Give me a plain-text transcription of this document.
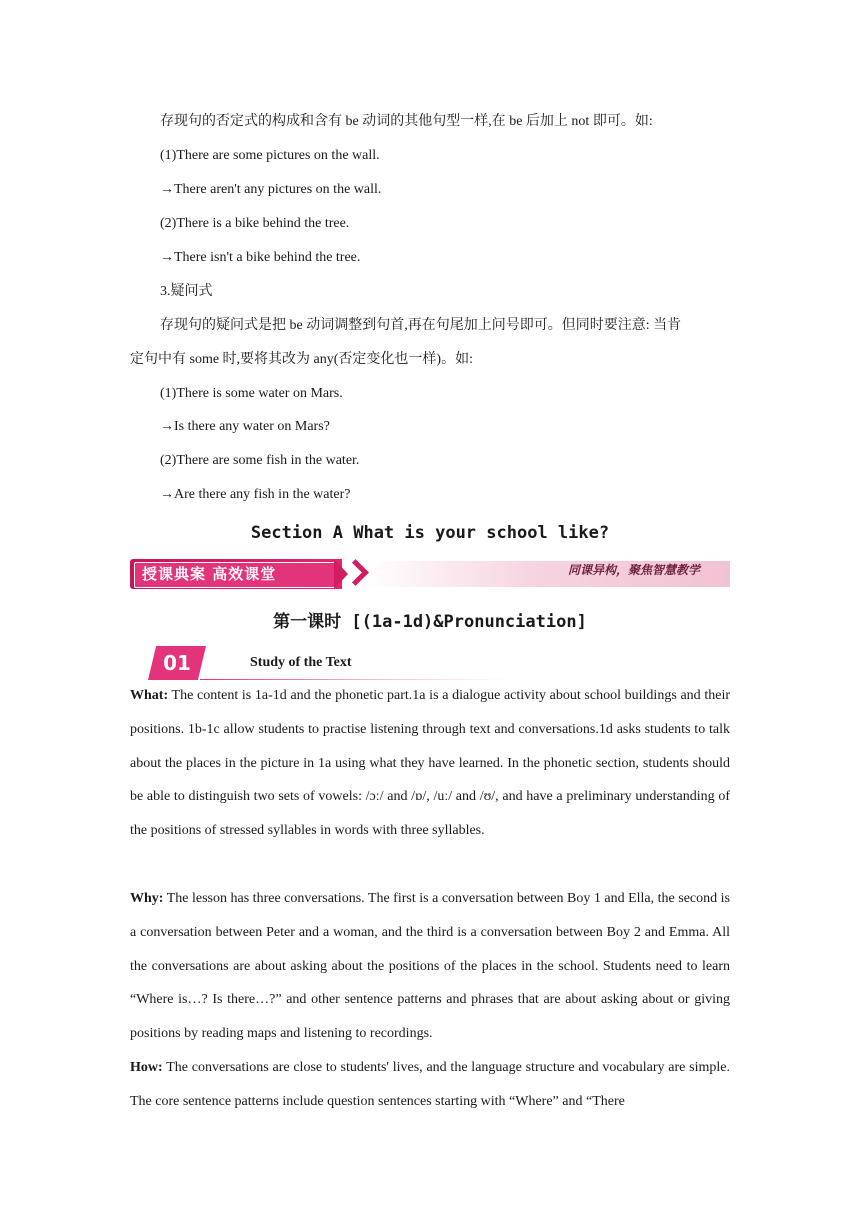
存现句的否定式的构成和含有 be 动词的其他句型一样,在 be 后加上 not 即可。如:
(1)There are some pictures on the wall.
→There aren't any pictures on the wall.
(2)There is a bike behind the tree.
→There isn't a bike behind the tree.
3.疑问式
存现句的疑问式是把 be 动词调整到句首,再在句尾加上问号即可。但同时要注意: 当肯
定句中有 some 时,要将其改为 any(否定变化也一样)。如:
(1)There is some water on Mars.
→Is there any water on Mars?
(2)There are some fish in the water.
→Are there any fish in the water?
Section A What is your school like?
授课典案 高效课堂	同课异构，聚焦智慧教学
第一课时 [(1a-1d)&Pronunciation]
01	Study of the Text
What: The content is 1a-1d and the phonetic part.1a is a dialogue activity about school buildings and their positions. 1b-1c allow students to practise listening through text and conversations.1d asks students to talk about the places in the picture in 1a using what they have learned. In the phonetic section, students should be able to distinguish two sets of vowels: /ɔː/ and /ɒ/, /uː/ and /ʊ/, and have a preliminary understanding of the positions of stressed syllables in words with three syllables.
Why: The lesson has three conversations. The first is a conversation between Boy 1 and Ella, the second is a conversation between Peter and a woman, and the third is a conversation between Boy 2 and Emma. All the conversations are about asking about the positions of the places in the school. Students need to learn “Where is…? Is there…?” and other sentence patterns and phrases that are about asking about or giving positions by reading maps and listening to recordings.
How: The conversations are close to students' lives, and the language structure and vocabulary are simple. The core sentence patterns include question sentences starting with “Where” and “There
